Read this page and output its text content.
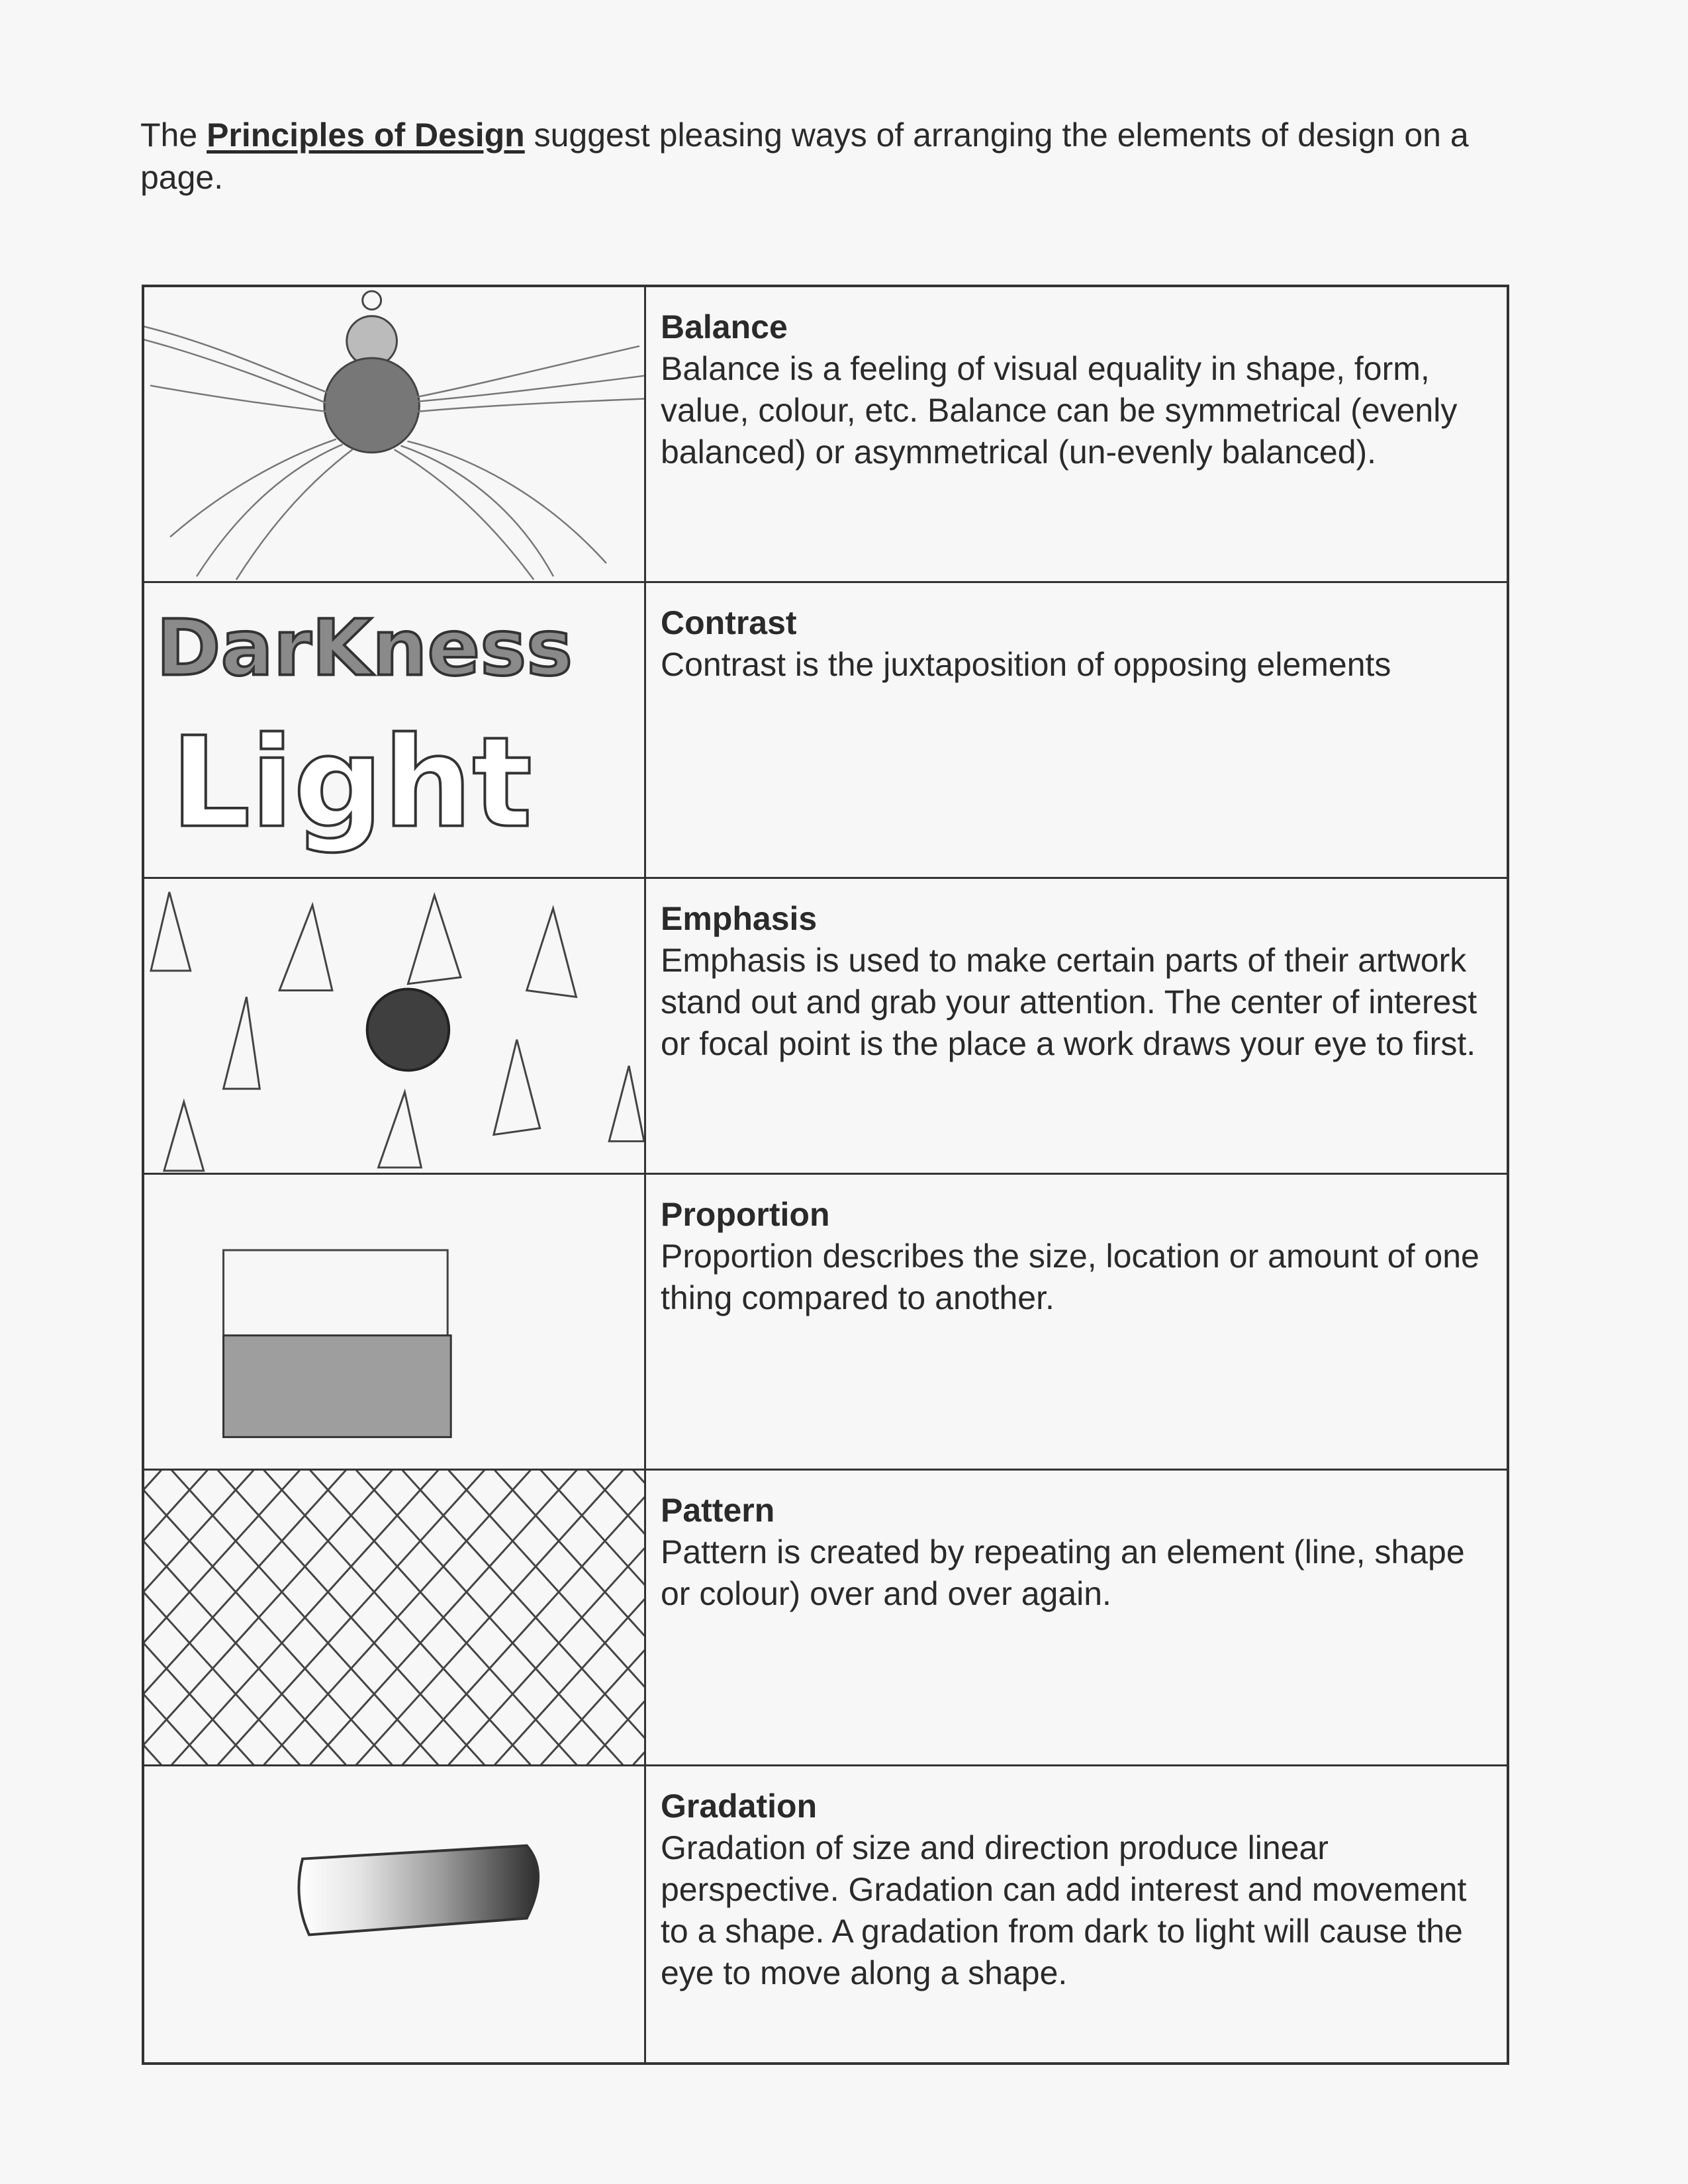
The Principles of Design suggest pleasing ways of arranging the elements of design on a page.

Balance

Balance is a feeling of visual equality in shape, form, value, colour, etc. Balance can be symmetrical (evenly balanced) or asymmetrical (un-evenly balanced).

DarKness
Light

Contrast

Contrast is the juxtaposition of opposing elements

Emphasis

Emphasis is used to make certain parts of their artwork stand out and grab your attention. The center of interest or focal point is the place a work draws your eye to first.

Proportion

Proportion describes the size, location or amount of one thing compared to another.

Pattern

Pattern is created by repeating an element (line, shape or colour) over and over again.

Gradation

Gradation of size and direction produce linear perspective. Gradation can add interest and movement to a shape. A gradation from dark to light will cause the eye to move along a shape.
